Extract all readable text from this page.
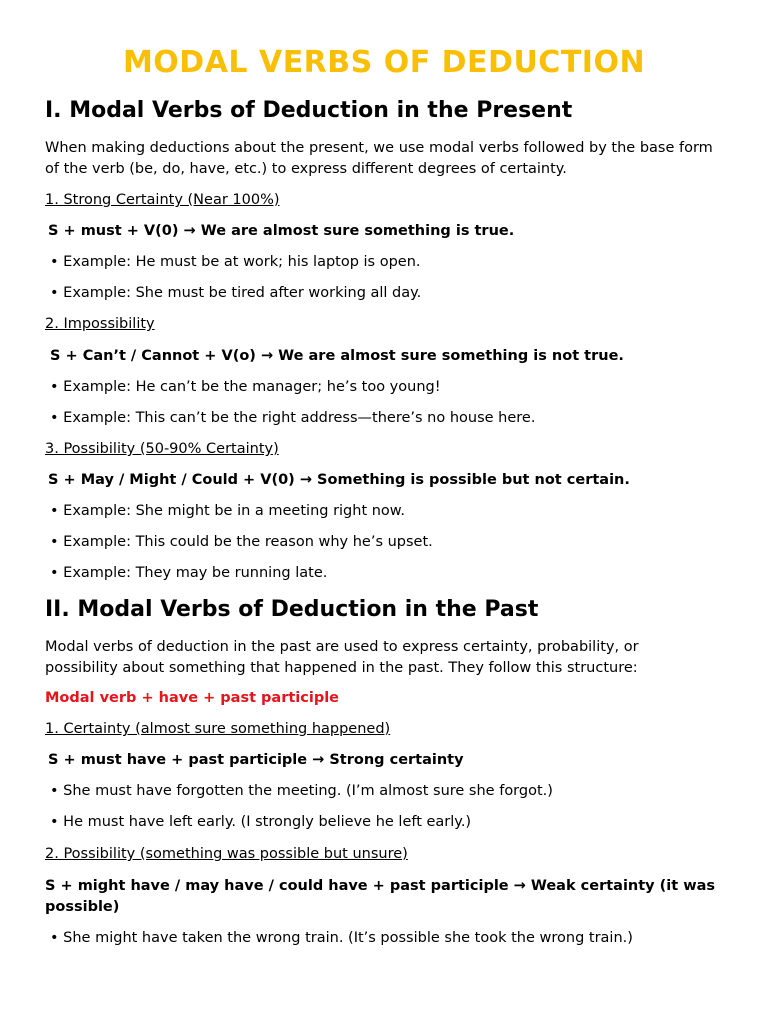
MODAL VERBS OF DEDUCTION
I. Modal Verbs of Deduction in the Present
When making deductions about the present, we use modal verbs followed by the base form of the verb (be, do, have, etc.) to express different degrees of certainty.
1. Strong Certainty (Near 100%)
S + must + V(0) → We are almost sure something is true.
• Example: He must be at work; his laptop is open.
• Example: She must be tired after working all day.
2. Impossibility
S + Can’t / Cannot + V(o) → We are almost sure something is not true.
• Example: He can’t be the manager; he’s too young!
• Example: This can’t be the right address—there’s no house here.
3. Possibility (50-90% Certainty)
S + May / Might / Could + V(0) → Something is possible but not certain.
• Example: She might be in a meeting right now.
• Example: This could be the reason why he’s upset.
• Example: They may be running late.
II. Modal Verbs of Deduction in the Past
Modal verbs of deduction in the past are used to express certainty, probability, or possibility about something that happened in the past. They follow this structure:
Modal verb + have + past participle
1. Certainty (almost sure something happened)
S + must have + past participle → Strong certainty
• She must have forgotten the meeting. (I’m almost sure she forgot.)
• He must have left early. (I strongly believe he left early.)
2. Possibility (something was possible but unsure)
S + might have / may have / could have + past participle → Weak certainty (it was possible)
• She might have taken the wrong train. (It’s possible she took the wrong train.)
